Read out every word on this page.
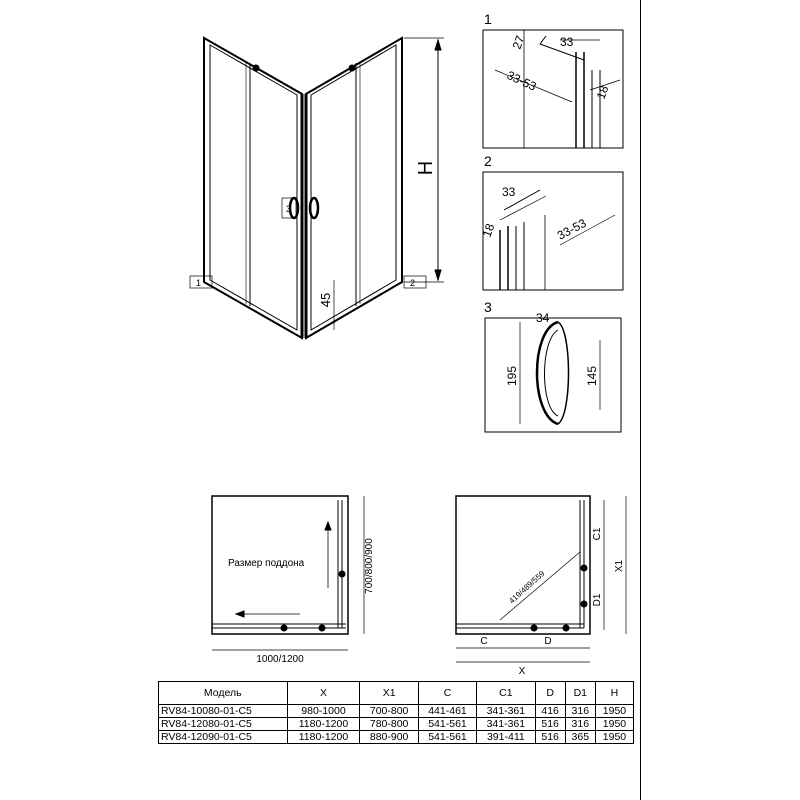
H
45
1	2
3
1
27	33
33-53	18
2
33
18	33-53
3
34
195	145
Размер поддона
1000/1200
700/800/900
C1
D1
X1
C	D
X
419/489/559
Модель	X	X1	C	C1	D	D1	H
RV84-10080-01-C5	980-1000	700-800	441-461	341-361	416	316	1950
RV84-12080-01-C5	1180-1200	780-800	541-561	341-361	516	316	1950
RV84-12090-01-C5	1180-1200	880-900	541-561	391-411	516	365	1950
